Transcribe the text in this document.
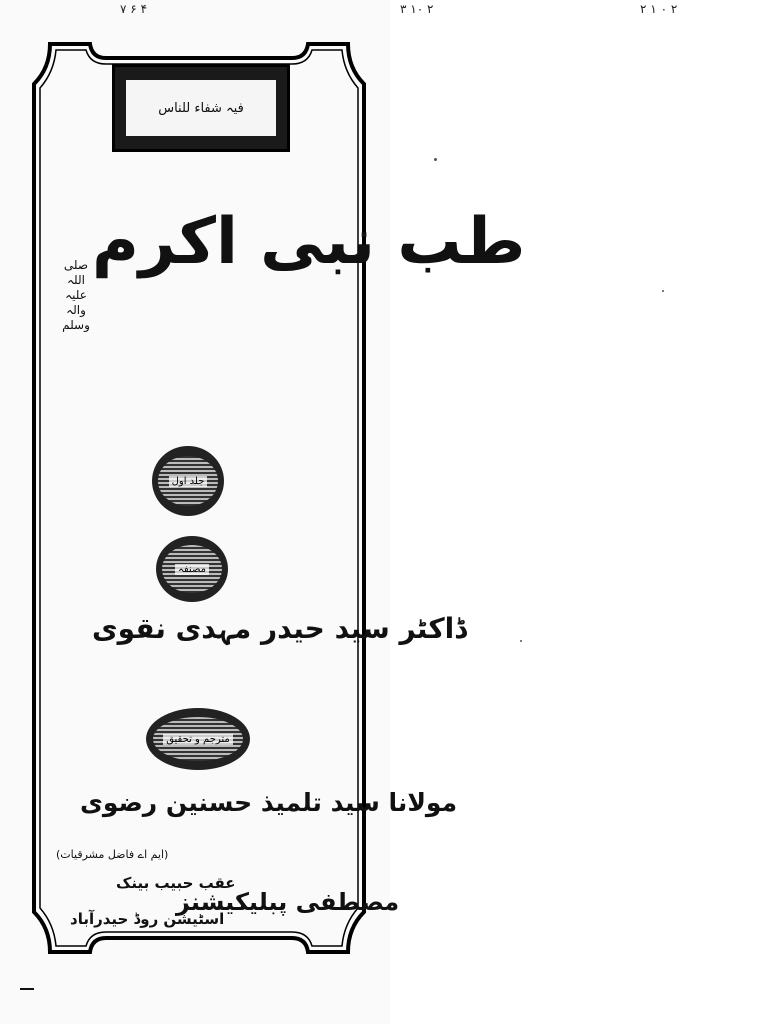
۴ ۶ ۷	۲ ۱۰ ۳	۲ ۰ ۱ ۲
فیہ شفاء للناس
طب نبی اکرم
صلی اللہ علیہ والہ وسلم
جلد اول
مصنفہ
ڈاکٹر سید حیدر مہدی نقوی
مترجم و تحقیق
مولانا سید تلمیذ حسنین رضوی
(ایم اے فاضل مشرقیات)
عقب حبیب بینک
اسٹیشن روڈ حیدرآباد
مصطفی پبلیکیشنز
